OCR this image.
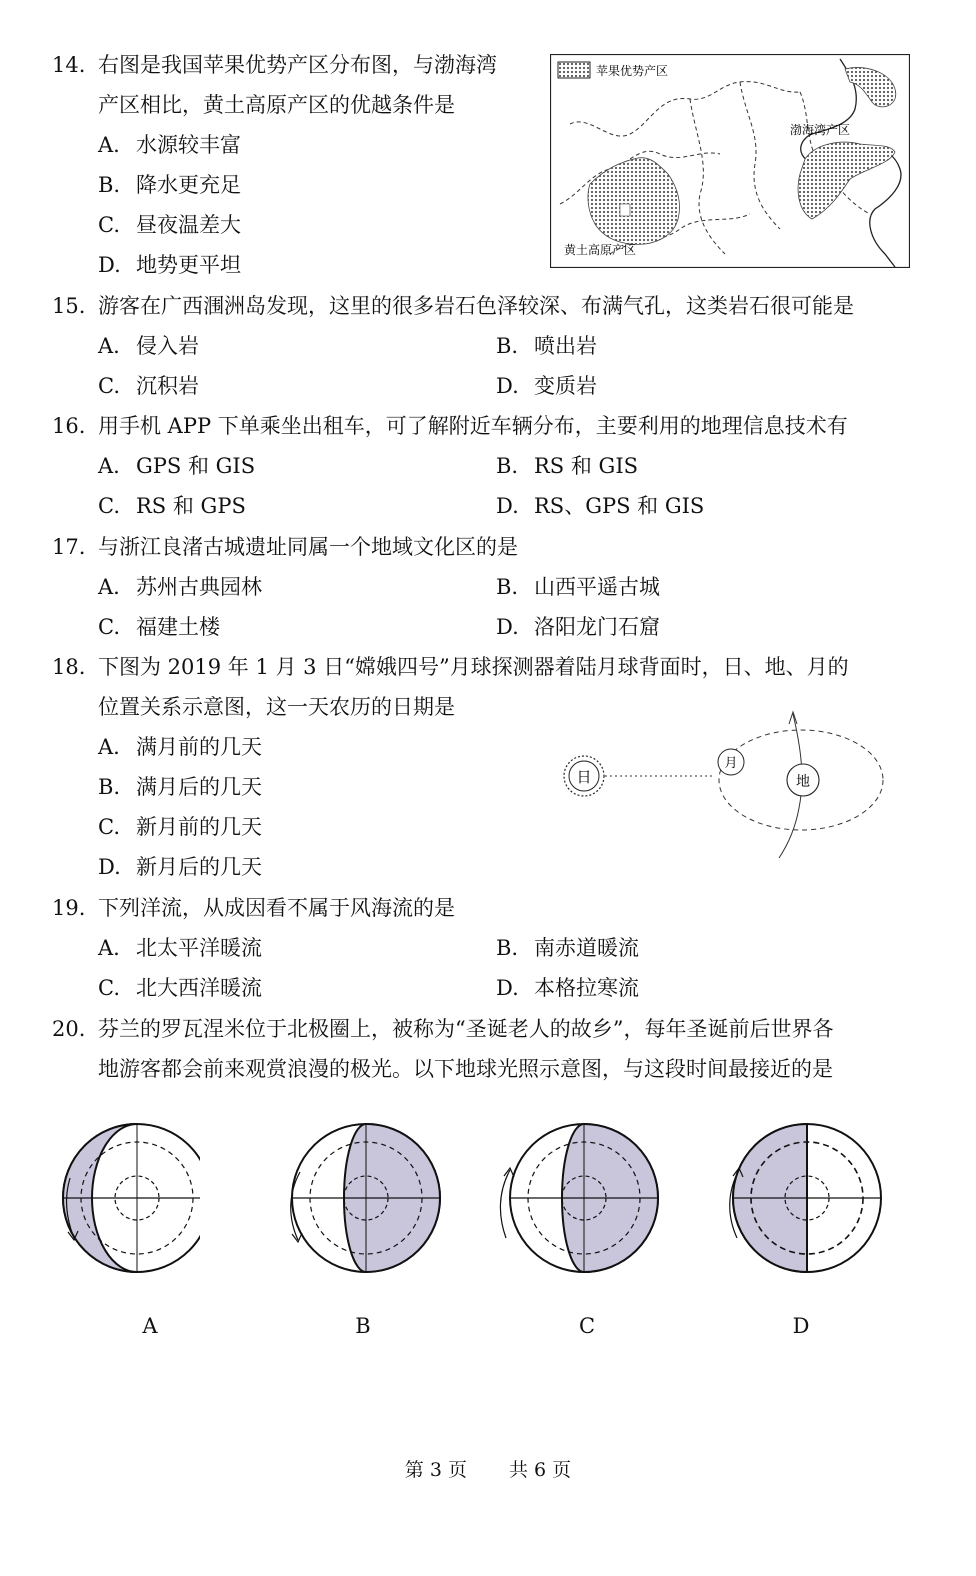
14. 右图是我国苹果优势产区分布图，与渤海湾
产区相比，黄土高原产区的优越条件是
A. 水源较丰富
B. 降水更充足
C. 昼夜温差大
D. 地势更平坦
苹果优势产区
渤海湾产区
黄土高原产区
15. 游客在广西涠洲岛发现，这里的很多岩石色泽较深、布满气孔，这类岩石很可能是
A. 侵入岩	B. 喷出岩
C. 沉积岩	D. 变质岩
16. 用手机 APP 下单乘坐出租车，可了解附近车辆分布，主要利用的地理信息技术有
A. GPS 和 GIS	B. RS 和 GIS
C. RS 和 GPS	D. RS、GPS 和 GIS
17. 与浙江良渚古城遗址同属一个地域文化区的是
A. 苏州古典园林	B. 山西平遥古城
C. 福建土楼	D. 洛阳龙门石窟
18. 下图为 2019 年 1 月 3 日“嫦娥四号”月球探测器着陆月球背面时，日、地、月的
位置关系示意图，这一天农历的日期是
A. 满月前的几天
B. 满月后的几天
C. 新月前的几天
D. 新月后的几天
日
月
地
19. 下列洋流，从成因看不属于风海流的是
A. 北太平洋暖流	B. 南赤道暖流
C. 北大西洋暖流	D. 本格拉寒流
20. 芬兰的罗瓦涅米位于北极圈上，被称为“圣诞老人的故乡”，每年圣诞前后世界各
地游客都会前来观赏浪漫的极光。以下地球光照示意图，与这段时间最接近的是
A	B	C	D
第 3 页 共 6 页
